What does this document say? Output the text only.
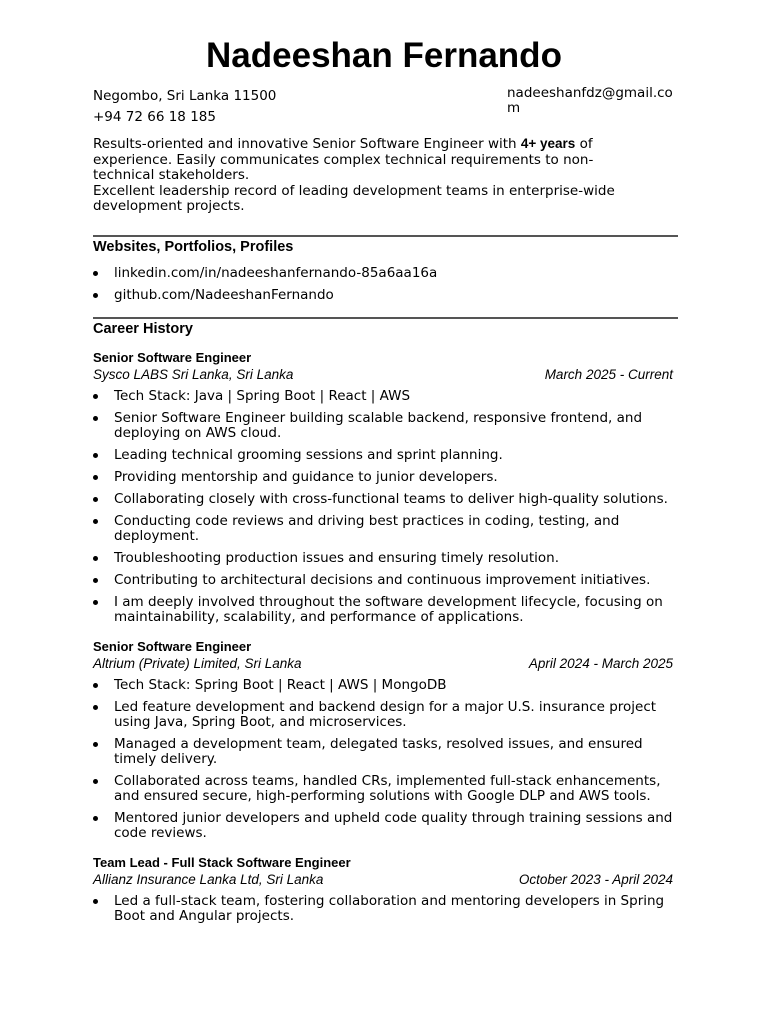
Nadeeshan Fernando
Negombo, Sri Lanka 11500
+94 72 66 18 185
nadeeshanfdz@gmail.com
Results-oriented and innovative Senior Software Engineer with 4+ years of experience. Easily communicates complex technical requirements to non-technical stakeholders.
Excellent leadership record of leading development teams in enterprise-wide development projects.
Websites, Portfolios, Profiles
linkedin.com/in/nadeeshanfernando-85a6aa16a
github.com/NadeeshanFernando
Career History
Senior Software Engineer
Sysco LABS Sri Lanka, Sri Lanka	March 2025 - Current
Tech Stack: Java | Spring Boot | React | AWS
Senior Software Engineer building scalable backend, responsive frontend, and deploying on AWS cloud.
Leading technical grooming sessions and sprint planning.
Providing mentorship and guidance to junior developers.
Collaborating closely with cross-functional teams to deliver high-quality solutions.
Conducting code reviews and driving best practices in coding, testing, and deployment.
Troubleshooting production issues and ensuring timely resolution.
Contributing to architectural decisions and continuous improvement initiatives.
I am deeply involved throughout the software development lifecycle, focusing on maintainability, scalability, and performance of applications.
Senior Software Engineer
Altrium (Private) Limited, Sri Lanka	April 2024 - March 2025
Tech Stack: Spring Boot | React | AWS | MongoDB
Led feature development and backend design for a major U.S. insurance project using Java, Spring Boot, and microservices.
Managed a development team, delegated tasks, resolved issues, and ensured timely delivery.
Collaborated across teams, handled CRs, implemented full-stack enhancements, and ensured secure, high-performing solutions with Google DLP and AWS tools.
Mentored junior developers and upheld code quality through training sessions and code reviews.
Team Lead - Full Stack Software Engineer
Allianz Insurance Lanka Ltd, Sri Lanka	October 2023 - April 2024
Led a full-stack team, fostering collaboration and mentoring developers in Spring Boot and Angular projects.
